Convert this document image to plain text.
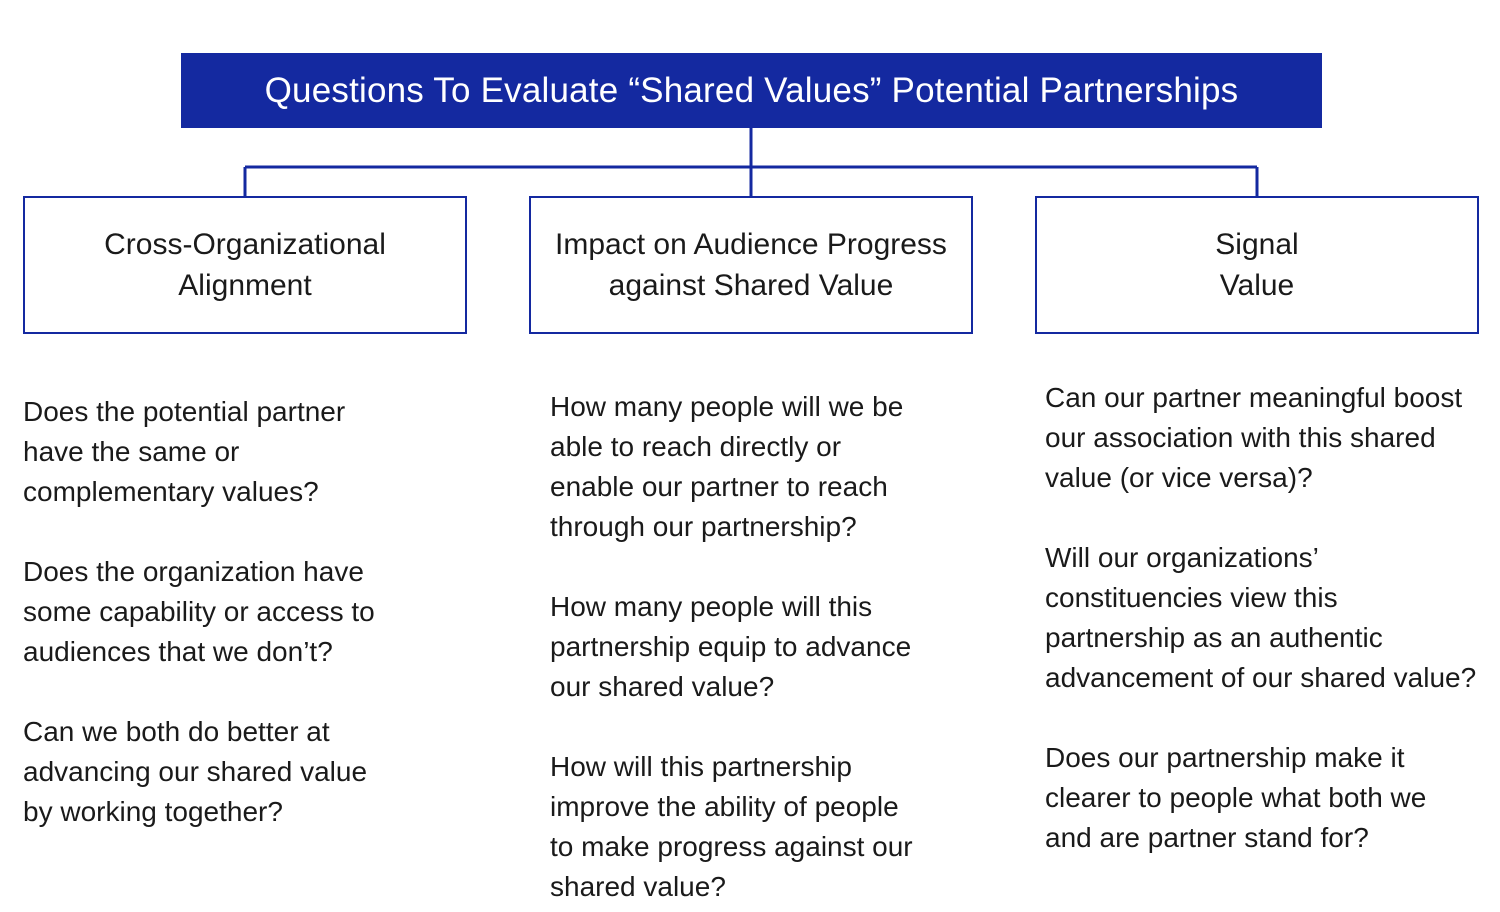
Questions To Evaluate “Shared Values” Potential Partnerships
Cross-Organizational
Alignment
Does the potential partner
have the same or
complementary values?
Does the organization have
some capability or access to
audiences that we don’t?
Can we both do better at
advancing our shared value
by working together?
Impact on Audience Progress
against Shared Value
How many people will we be
able to reach directly or
enable our partner to reach
through our partnership?
How many people will this
partnership equip to advance
our shared value?
How will this partnership
improve the ability of people
to make progress against our
shared value?
Signal
Value
Can our partner meaningful boost
our association with this shared
value (or vice versa)?
Will our organizations’
constituencies view this
partnership as an authentic
advancement of our shared value?
Does our partnership make it
clearer to people what both we
and are partner stand for?
